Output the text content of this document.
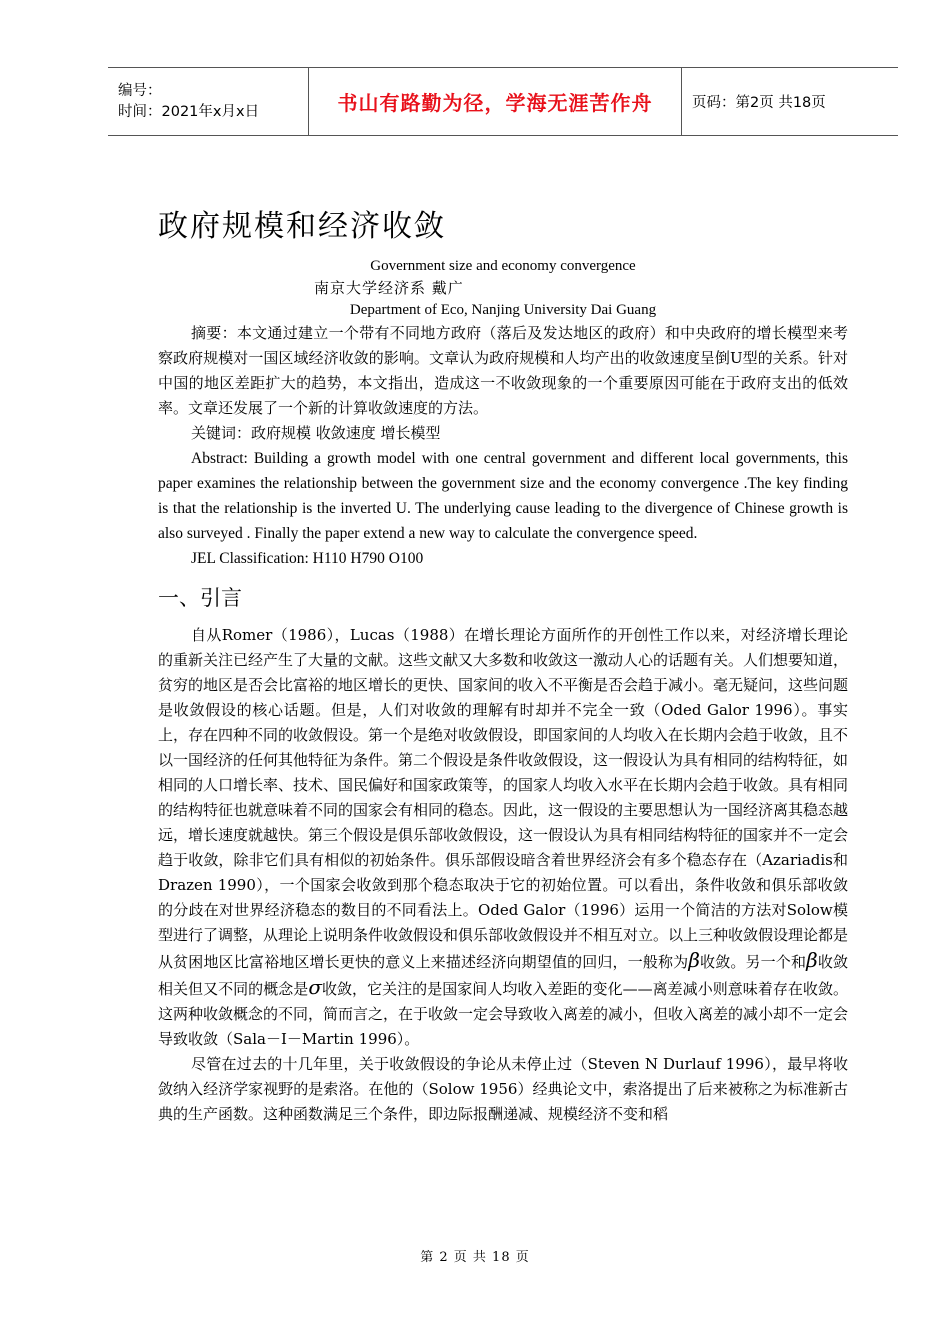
编号：
时间：2021年x月x日	书山有路勤为径，学海无涯苦作舟	页码：第2页 共18页
政府规模和经济收敛
Government size and economy convergence
南京大学经济系 戴广
Department of Eco, Nanjing University Dai Guang

摘要：本文通过建立一个带有不同地方政府（落后及发达地区的政府）和中央政府的增长模型来考察政府规模对一国区域经济收敛的影响。文章认为政府规模和人均产出的收敛速度呈倒U型的关系。针对中国的地区差距扩大的趋势，本文指出，造成这一不收敛现象的一个重要原因可能在于政府支出的低效率。文章还发展了一个新的计算收敛速度的方法。

关键词：政府规模 收敛速度 增长模型

Abstract: Building a growth model with one central government and different local governments, this paper examines the relationship between the government size and the economy convergence .The key finding is that the relationship is the inverted U. The underlying cause leading to the divergence of Chinese growth is also surveyed . Finally the paper extend a new way to calculate the convergence speed.

JEL Classification: H110 H790 O100

一、引言

自从Romer（1986），Lucas（1988）在增长理论方面所作的开创性工作以来，对经济增长理论的重新关注已经产生了大量的文献。这些文献又大多数和收敛这一激动人心的话题有关。人们想要知道，贫穷的地区是否会比富裕的地区增长的更快、国家间的收入不平衡是否会趋于减小。毫无疑问，这些问题是收敛假设的核心话题。但是，人们对收敛的理解有时却并不完全一致（Oded Galor 1996）。事实上，存在四种不同的收敛假设。第一个是绝对收敛假设，即国家间的人均收入在长期内会趋于收敛，且不以一国经济的任何其他特征为条件。第二个假设是条件收敛假设，这一假设认为具有相同的结构特征，如相同的人口增长率、技术、国民偏好和国家政策等，的国家人均收入水平在长期内会趋于收敛。具有相同的结构特征也就意味着不同的国家会有相同的稳态。因此，这一假设的主要思想认为一国经济离其稳态越远，增长速度就越快。第三个假设是俱乐部收敛假设，这一假设认为具有相同结构特征的国家并不一定会趋于收敛，除非它们具有相似的初始条件。俱乐部假设暗含着世界经济会有多个稳态存在（Azariadis和Drazen 1990），一个国家会收敛到那个稳态取决于它的初始位置。可以看出，条件收敛和俱乐部收敛的分歧在对世界经济稳态的数目的不同看法上。Oded Galor（1996）运用一个简洁的方法对Solow模型进行了调整，从理论上说明条件收敛假设和俱乐部收敛假设并不相互对立。以上三种收敛假设理论都是从贫困地区比富裕地区增长更快的意义上来描述经济向期望值的回归，一般称为β收敛。另一个和β收敛相关但又不同的概念是σ收敛，它关注的是国家间人均收入差距的变化——离差减小则意味着存在收敛。这两种收敛概念的不同，简而言之，在于收敛一定会导致收入离差的减小，但收入离差的减小却不一定会导致收敛（Sala－I－Martin 1996）。

尽管在过去的十几年里，关于收敛假设的争论从未停止过（Steven N Durlauf 1996），最早将收敛纳入经济学家视野的是索洛。在他的（Solow 1956）经典论文中，索洛提出了后来被称之为标准新古典的生产函数。这种函数满足三个条件，即边际报酬递减、规模经济不变和稻

第 2 页 共 18 页
